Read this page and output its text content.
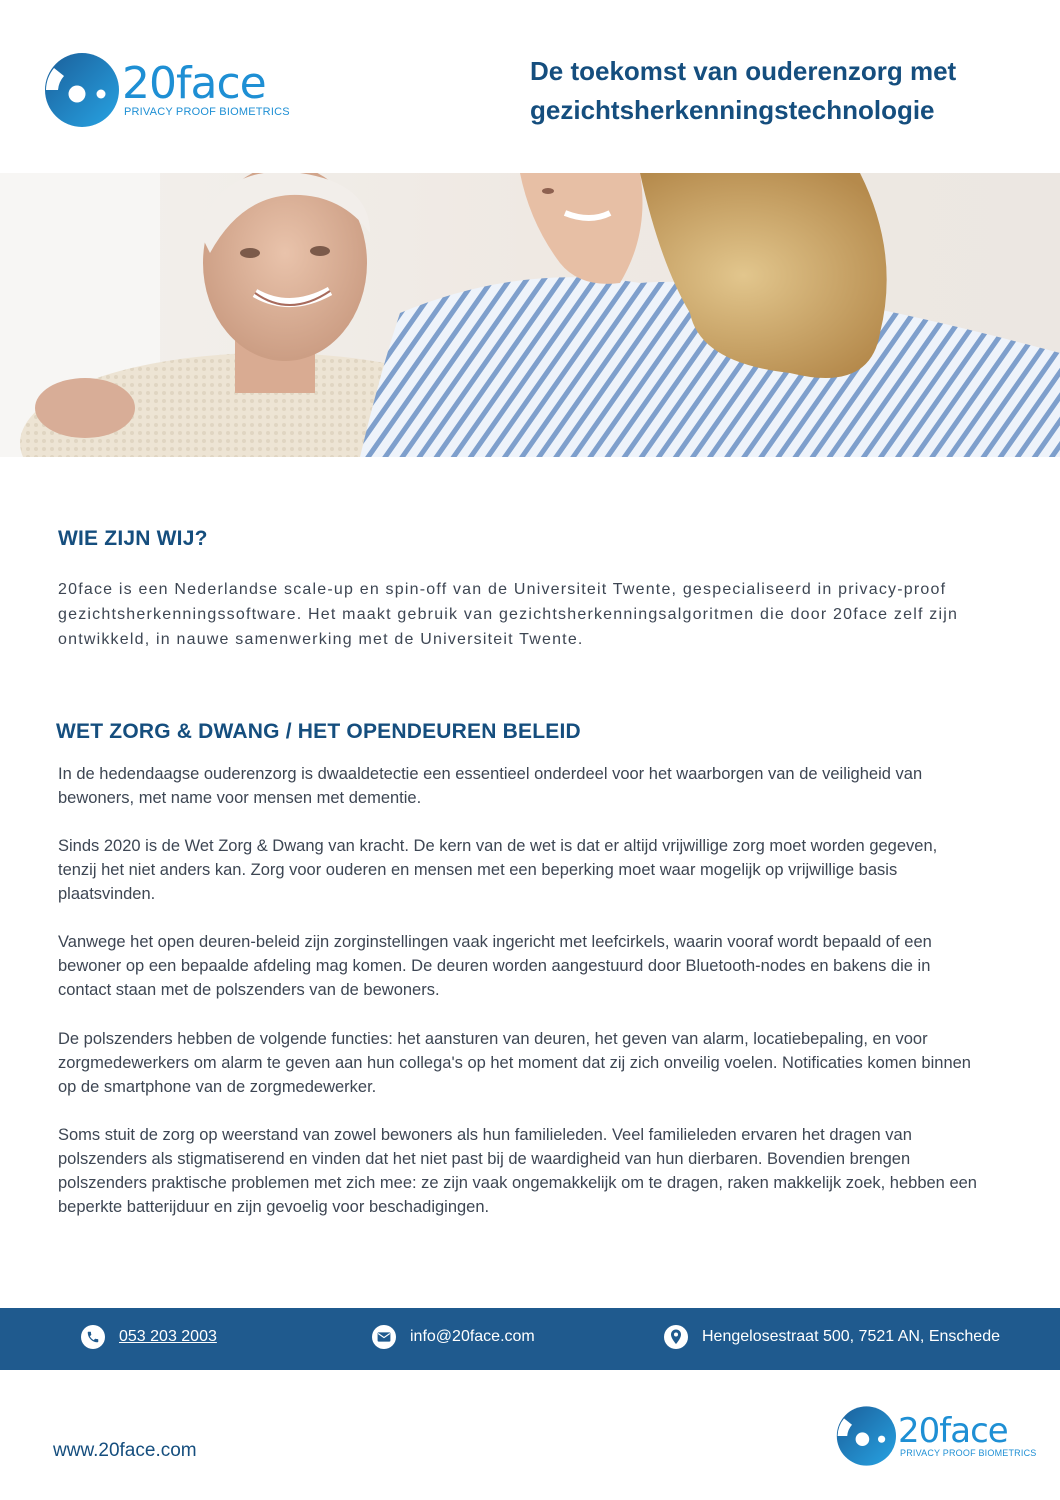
20face
PRIVACY PROOF BIOMETRICS
De toekomst van ouderenzorg met gezichtsherkenningstechnologie
WIE ZIJN WIJ?

20face is een Nederlandse scale-up en spin-off van de Universiteit Twente, gespecialiseerd in privacy-proof gezichtsherkenningssoftware. Het maakt gebruik van gezichtsherkenningsalgoritmen die door 20face zelf zijn ontwikkeld, in nauwe samenwerking met de Universiteit Twente.

WET ZORG & DWANG / HET OPENDEUREN BELEID

In de hedendaagse ouderenzorg is dwaaldetectie een essentieel onderdeel voor het waarborgen van de veiligheid van bewoners, met name voor mensen met dementie.

Sinds 2020 is de Wet Zorg & Dwang van kracht. De kern van de wet is dat er altijd vrijwillige zorg moet worden gegeven, tenzij het niet anders kan. Zorg voor ouderen en mensen met een beperking moet waar mogelijk op vrijwillige basis plaatsvinden.

Vanwege het open deuren-beleid zijn zorginstellingen vaak ingericht met leefcirkels, waarin vooraf wordt bepaald of een bewoner op een bepaalde afdeling mag komen. De deuren worden aangestuurd door Bluetooth-nodes en bakens die in contact staan met de polszenders van de bewoners.

De polszenders hebben de volgende functies: het aansturen van deuren, het geven van alarm, locatiebepaling, en voor zorgmedewerkers om alarm te geven aan hun collega's op het moment dat zij zich onveilig voelen. Notificaties komen binnen op de smartphone van de zorgmedewerker.

Soms stuit de zorg op weerstand van zowel bewoners als hun familieleden. Veel familieleden ervaren het dragen van polszenders als stigmatiserend en vinden dat het niet past bij de waardigheid van hun dierbaren. Bovendien brengen polszenders praktische problemen met zich mee: ze zijn vaak ongemakkelijk om te dragen, raken makkelijk zoek, hebben een beperkte batterijduur en zijn gevoelig voor beschadigingen.

053 203 2003	info@20face.com	Hengelosestraat 500, 7521 AN, Enschede
www.20face.com	20face
PRIVACY PROOF BIOMETRICS
